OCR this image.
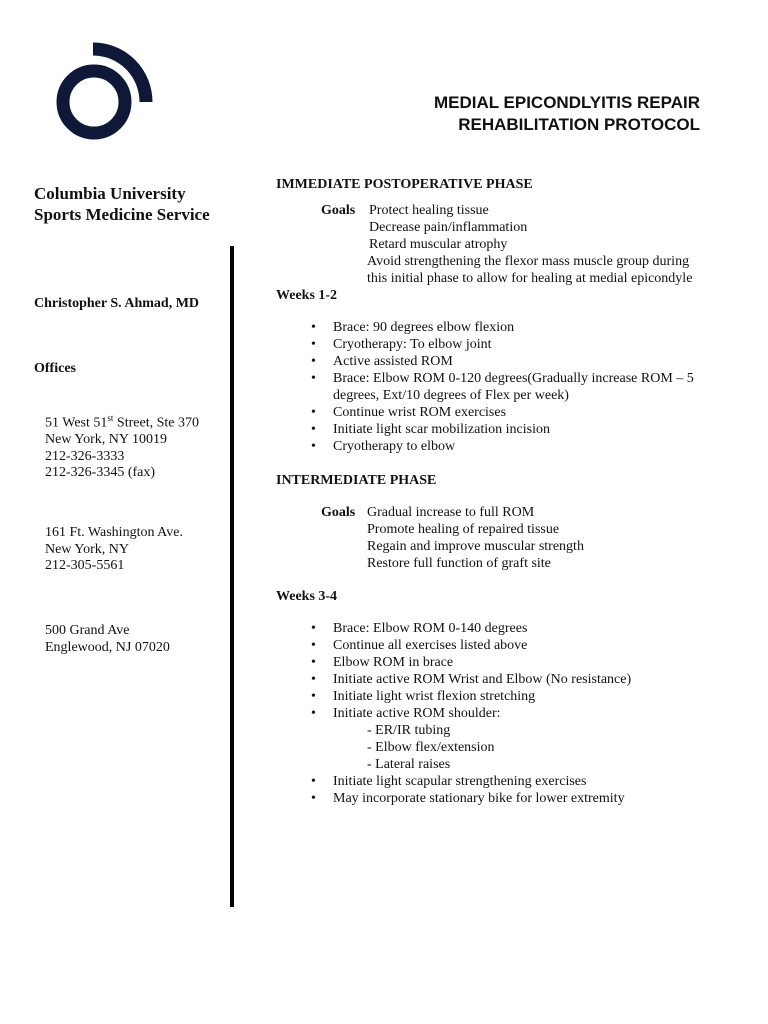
MEDIAL EPICONDLYITIS REPAIR
REHABILITATION PROTOCOL
Columbia University
Sports Medicine Service
Christopher S. Ahmad, MD
Offices
51 West 51st Street, Ste 370
New York, NY 10019
212-326-3333
212-326-3345 (fax)
161 Ft. Washington Ave.
New York, NY
212-305-5561
500 Grand Ave
Englewood, NJ 07020
IMMEDIATE POSTOPERATIVE PHASE
Goals Protect healing tissue
Decrease pain/inflammation
Retard muscular atrophy
Avoid strengthening the flexor mass muscle group during
this initial phase to allow for healing at medial epicondyle
Weeks 1-2
• Brace: 90 degrees elbow flexion
• Cryotherapy: To elbow joint
• Active assisted ROM
• Brace: Elbow ROM 0-120 degrees(Gradually increase ROM – 5
degrees, Ext/10 degrees of Flex per week)
• Continue wrist ROM exercises
• Initiate light scar mobilization incision
• Cryotherapy to elbow
INTERMEDIATE PHASE
Goals Gradual increase to full ROM
Promote healing of repaired tissue
Regain and improve muscular strength
Restore full function of graft site
Weeks 3-4
• Brace: Elbow ROM 0-140 degrees
• Continue all exercises listed above
• Elbow ROM in brace
• Initiate active ROM Wrist and Elbow (No resistance)
• Initiate light wrist flexion stretching
• Initiate active ROM shoulder:
- ER/IR tubing
- Elbow flex/extension
- Lateral raises
• Initiate light scapular strengthening exercises
• May incorporate stationary bike for lower extremity
